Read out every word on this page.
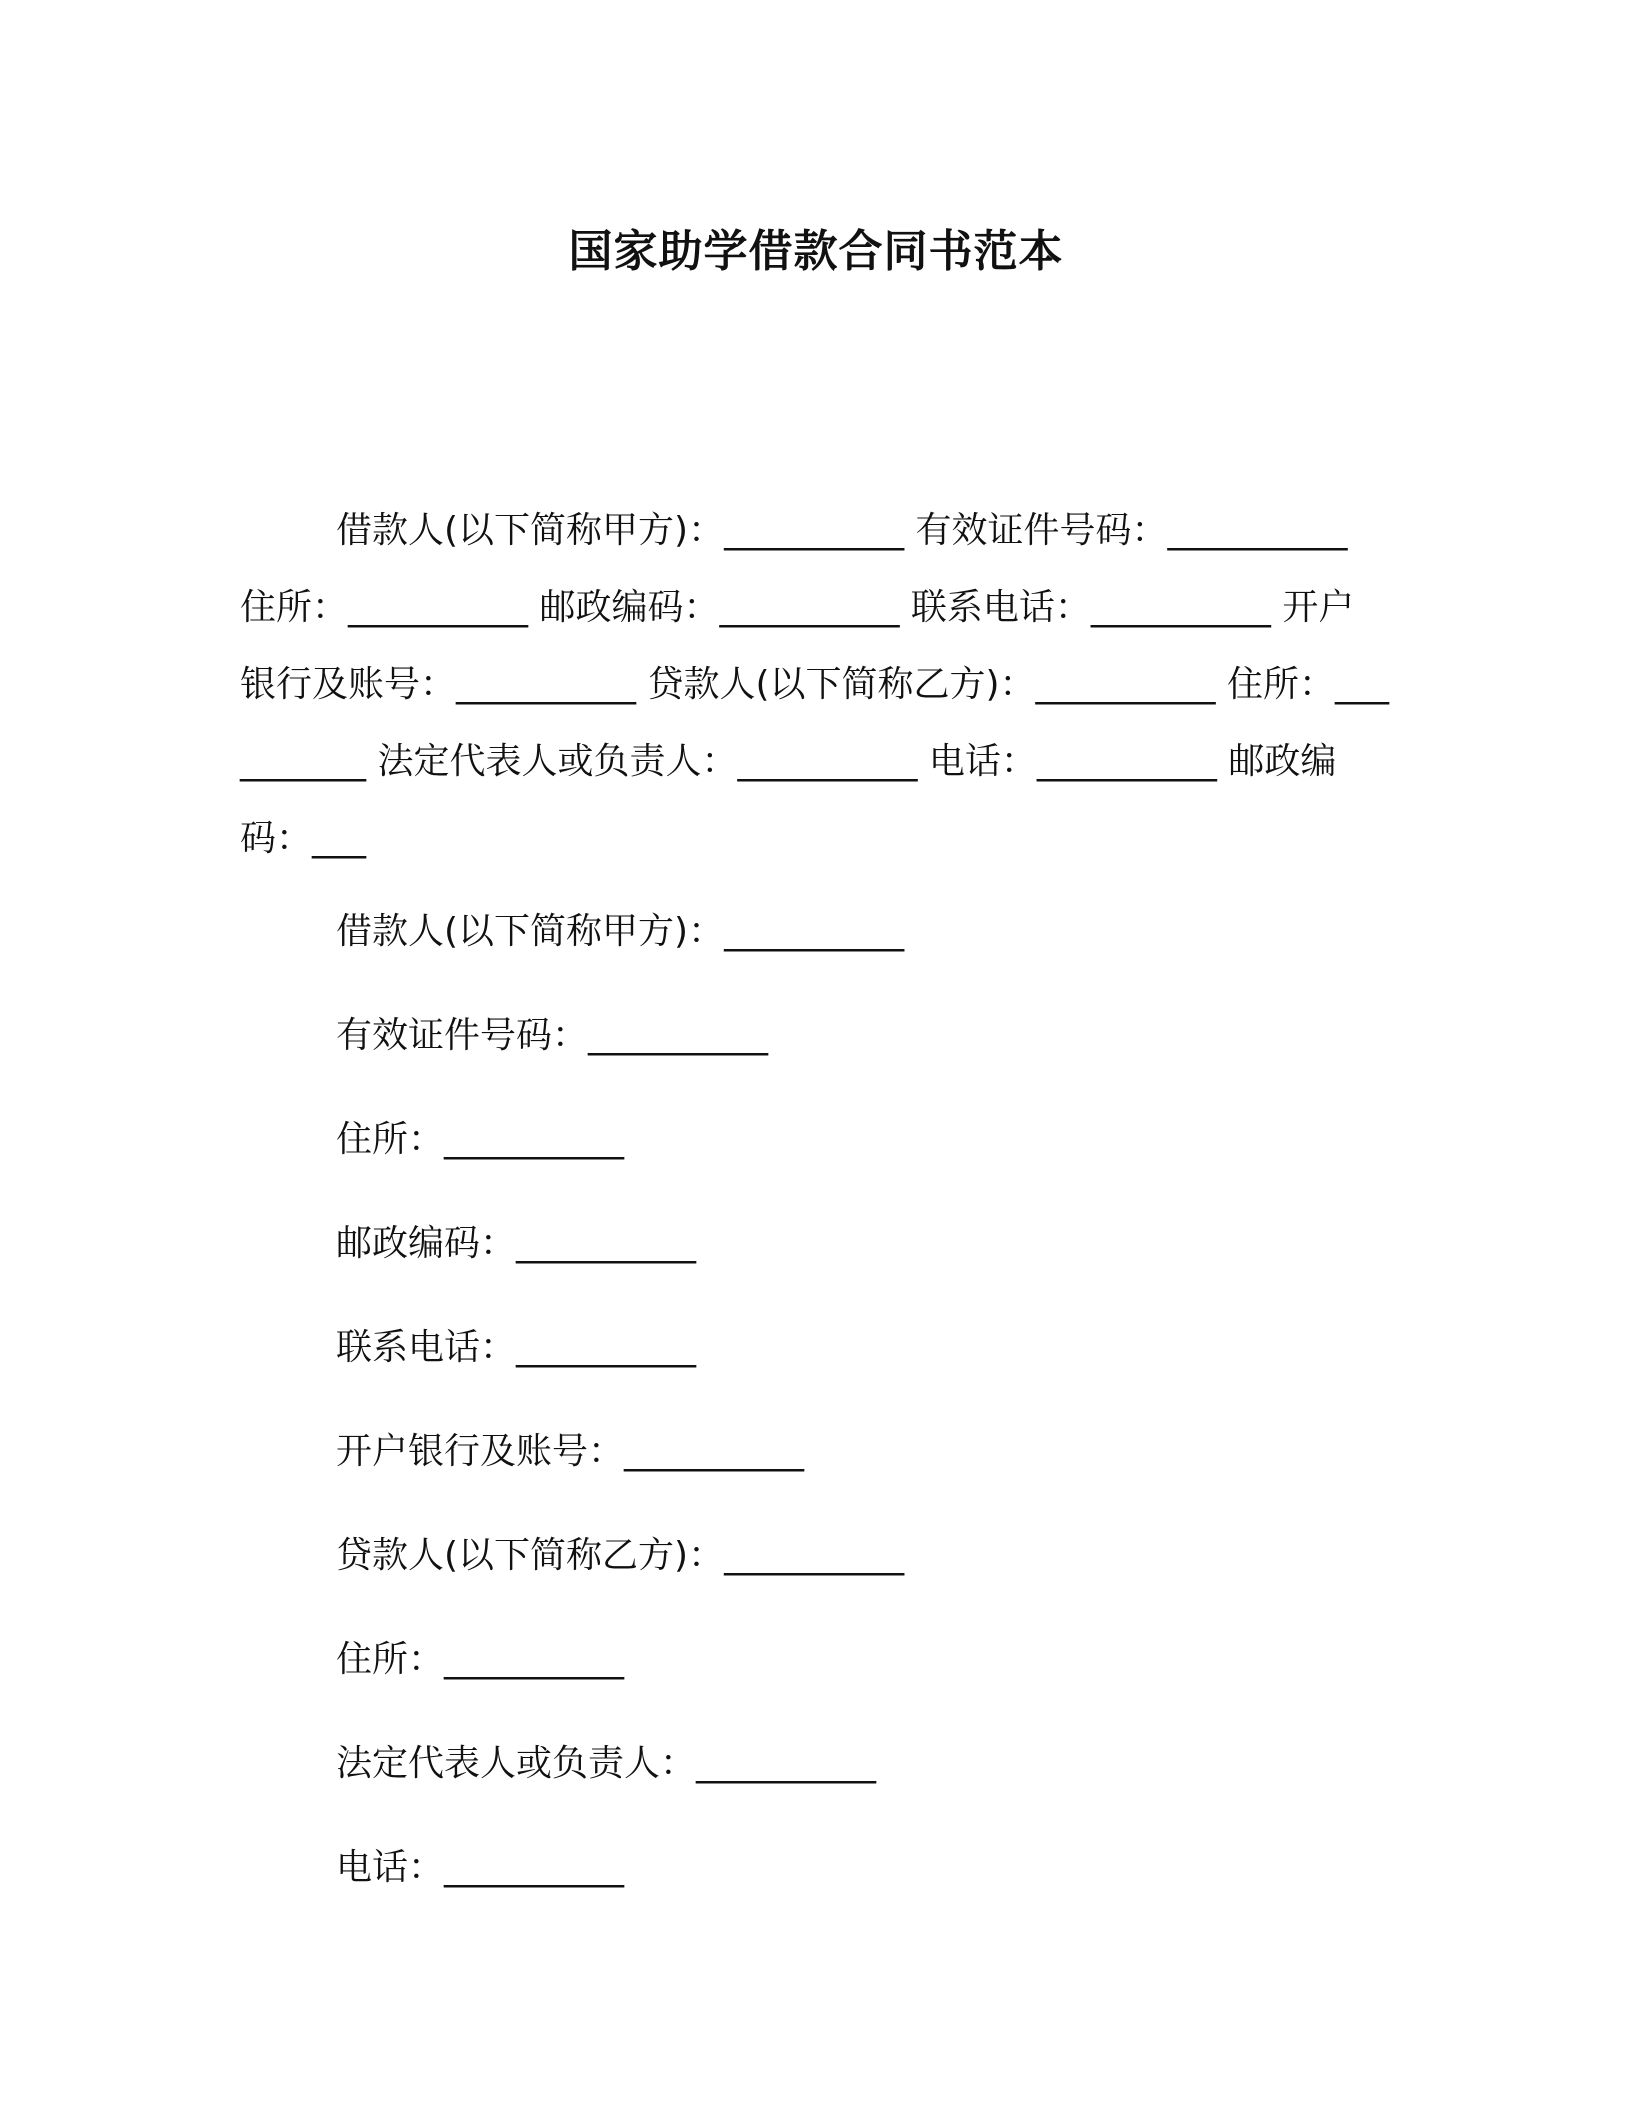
国家助学借款合同书范本
借款人(以下简称甲方)：__________ 有效证件号码：__________ 住所：__________ 邮政编码：__________ 联系电话：__________ 开户银行及账号：__________ 贷款人(以下简称乙方)：__________ 住所：__________ 法定代表人或负责人：__________ 电话：__________ 邮政编码：___
借款人(以下简称甲方)：__________
有效证件号码：__________
住所：__________
邮政编码：__________
联系电话：__________
开户银行及账号：__________
贷款人(以下简称乙方)：__________
住所：__________
法定代表人或负责人：__________
电话：__________
